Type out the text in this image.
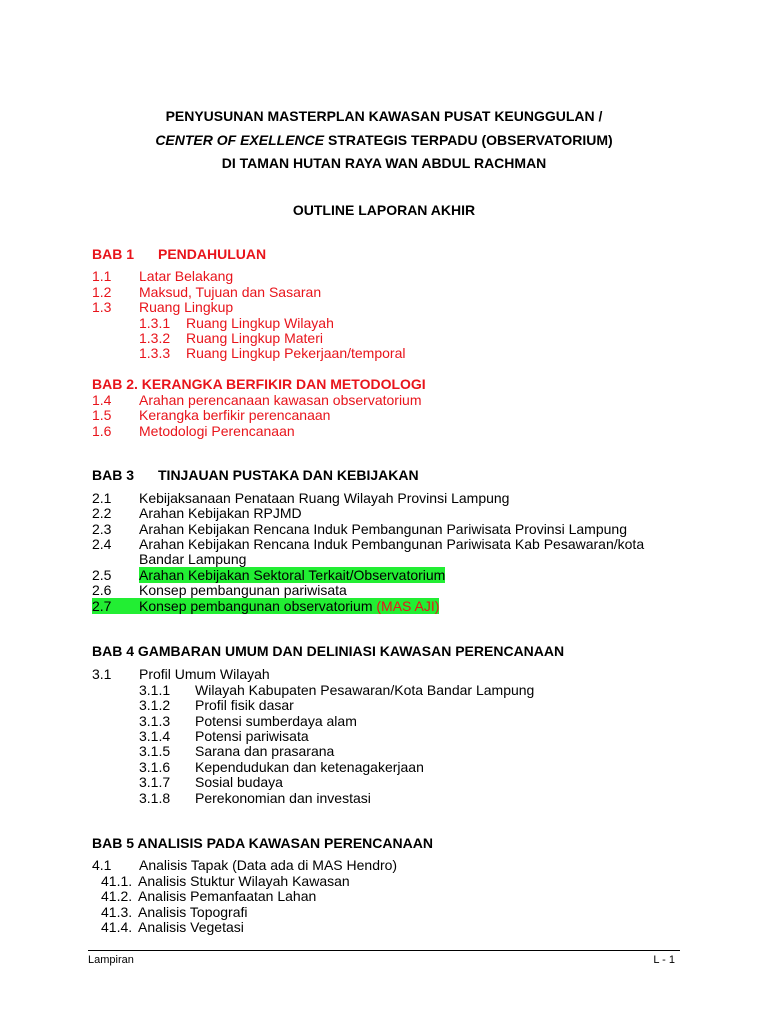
PENYUSUNAN MASTERPLAN KAWASAN PUSAT KEUNGGULAN /
CENTER OF EXELLENCE STRATEGIS TERPADU (OBSERVATORIUM)
DI TAMAN HUTAN RAYA WAN ABDUL RACHMAN
OUTLINE LAPORAN AKHIR
BAB 1 PENDAHULUAN
1.1 Latar Belakang
1.2 Maksud, Tujuan dan Sasaran
1.3 Ruang Lingkup
1.3.1 Ruang Lingkup Wilayah
1.3.2 Ruang Lingkup Materi
1.3.3 Ruang Lingkup Pekerjaan/temporal
BAB 2. KERANGKA BERFIKIR DAN METODOLOGI
1.4 Arahan perencanaan kawasan observatorium
1.5 Kerangka berfikir perencanaan
1.6 Metodologi Perencanaan
BAB 3 TINJAUAN PUSTAKA DAN KEBIJAKAN
2.1 Kebijaksanaan Penataan Ruang Wilayah Provinsi Lampung
2.2 Arahan Kebijakan RPJMD
2.3 Arahan Kebijakan Rencana Induk Pembangunan Pariwisata Provinsi Lampung
2.4 Arahan Kebijakan Rencana Induk Pembangunan Pariwisata Kab Pesawaran/kota
Bandar Lampung
2.5 Arahan Kebijakan Sektoral Terkait/Observatorium
2.6 Konsep pembangunan pariwisata
2.7	Konsep pembangunan observatorium (MAS AJI)
BAB 4 GAMBARAN UMUM DAN DELINIASI KAWASAN PERENCANAAN
3.1 Profil Umum Wilayah
3.1.1 Wilayah Kabupaten Pesawaran/Kota Bandar Lampung
3.1.2 Profil fisik dasar
3.1.3 Potensi sumberdaya alam
3.1.4 Potensi pariwisata
3.1.5 Sarana dan prasarana
3.1.6 Kependudukan dan ketenagakerjaan
3.1.7 Sosial budaya
3.1.8 Perekonomian dan investasi
BAB 5 ANALISIS PADA KAWASAN PERENCANAAN
4.1 Analisis Tapak (Data ada di MAS Hendro)
41.1. Analisis Stuktur Wilayah Kawasan
41.2. Analisis Pemanfaatan Lahan
41.3. Analisis Topografi
41.4. Analisis Vegetasi
Lampiran	L - 1
